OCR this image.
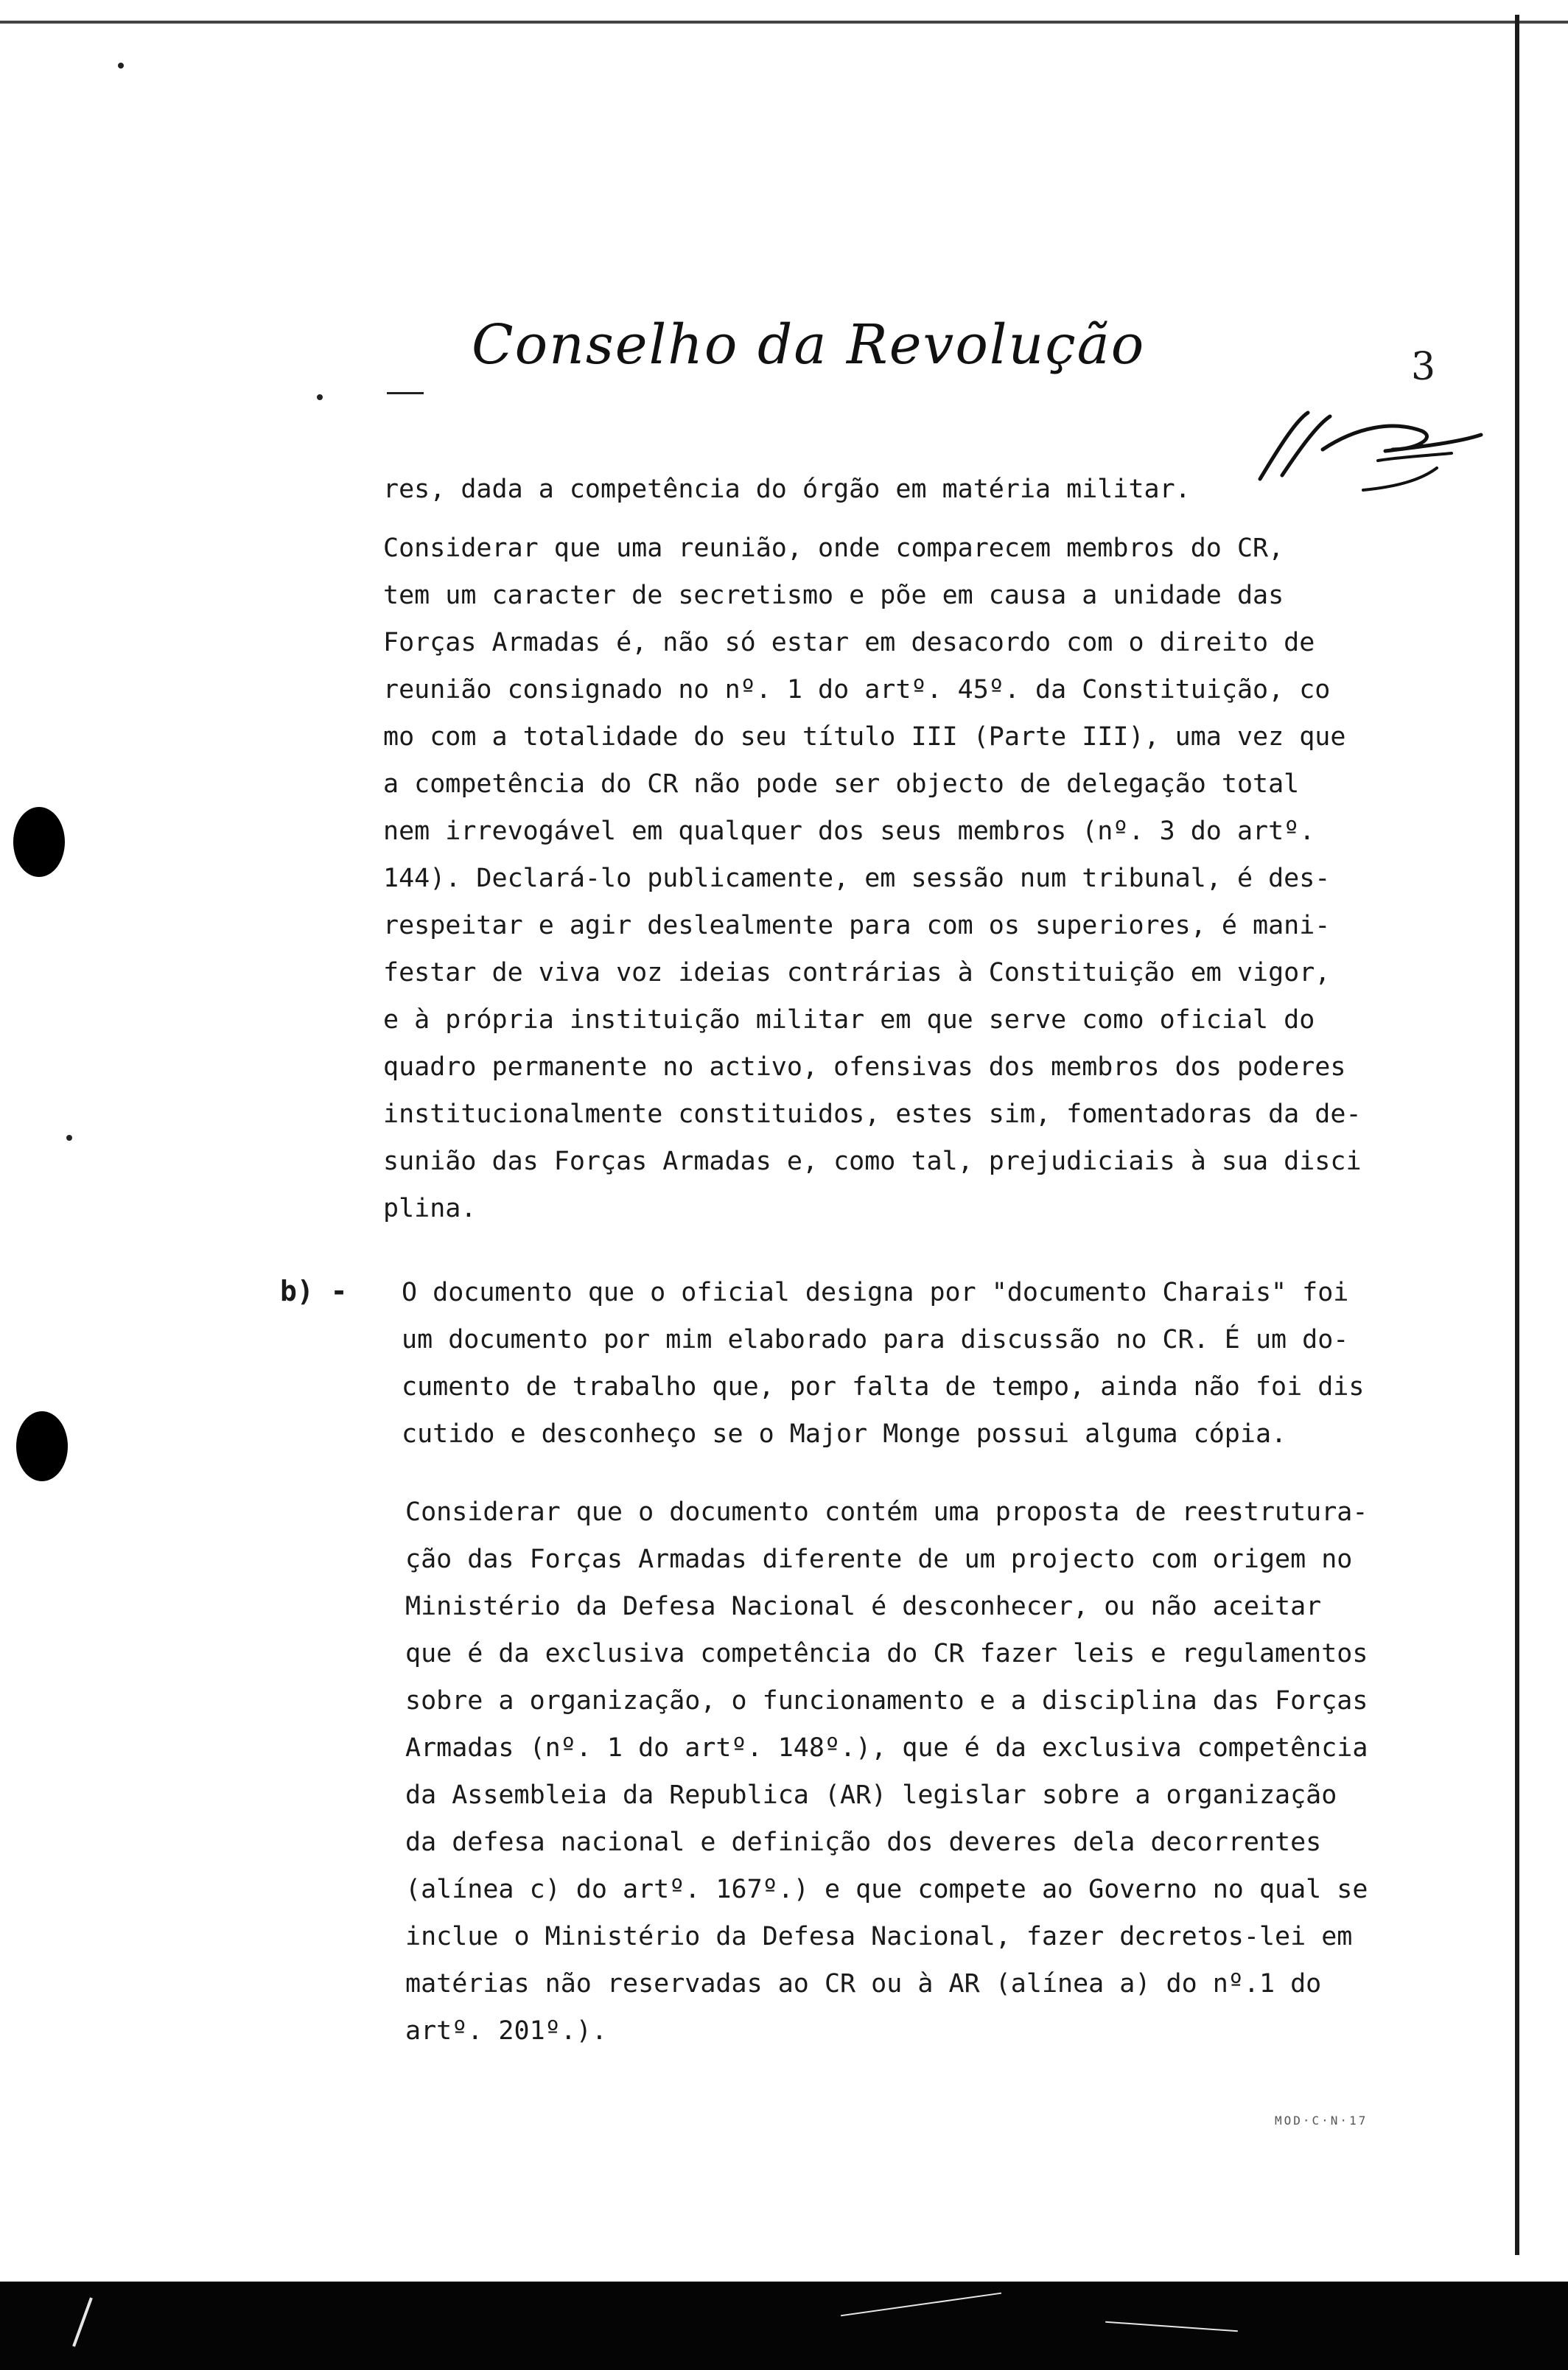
Conselho da Revolução	3
res, dada a competência do órgão em matéria militar.
Considerar que uma reunião, onde comparecem membros do CR,
tem um caracter de secretismo e põe em causa a unidade das
Forças Armadas é, não só estar em desacordo com o direito de
reunião consignado no nº. 1 do artº. 45º. da Constituição, co
mo com a totalidade do seu título III (Parte III), uma vez que
a competência do CR não pode ser objecto de delegação total
nem irrevogável em qualquer dos seus membros (nº. 3 do artº.
144). Declará-lo publicamente, em sessão num tribunal, é des-
respeitar e agir deslealmente para com os superiores, é mani-
festar de viva voz ideias contrárias à Constituição em vigor,
e à própria instituição militar em que serve como oficial do
quadro permanente no activo, ofensivas dos membros dos poderes
institucionalmente constituidos, estes sim, fomentadoras da de-
sunião das Forças Armadas e, como tal, prejudiciais à sua disci
plina.
b) - O documento que o oficial designa por "documento Charais" foi
um documento por mim elaborado para discussão no CR. É um do-
cumento de trabalho que, por falta de tempo, ainda não foi dis
cutido e desconheço se o Major Monge possui alguma cópia.
Considerar que o documento contém uma proposta de reestrutura-
ção das Forças Armadas diferente de um projecto com origem no
Ministério da Defesa Nacional é desconhecer, ou não aceitar
que é da exclusiva competência do CR fazer leis e regulamentos
sobre a organização, o funcionamento e a disciplina das Forças
Armadas (nº. 1 do artº. 148º.), que é da exclusiva competência
da Assembleia da Republica (AR) legislar sobre a organização
da defesa nacional e definição dos deveres dela decorrentes
(alínea c) do artº. 167º.) e que compete ao Governo no qual se
inclue o Ministério da Defesa Nacional, fazer decretos-lei em
matérias não reservadas ao CR ou à AR (alínea a) do nº.1 do
artº. 201º.).
MOD·C·N·17
